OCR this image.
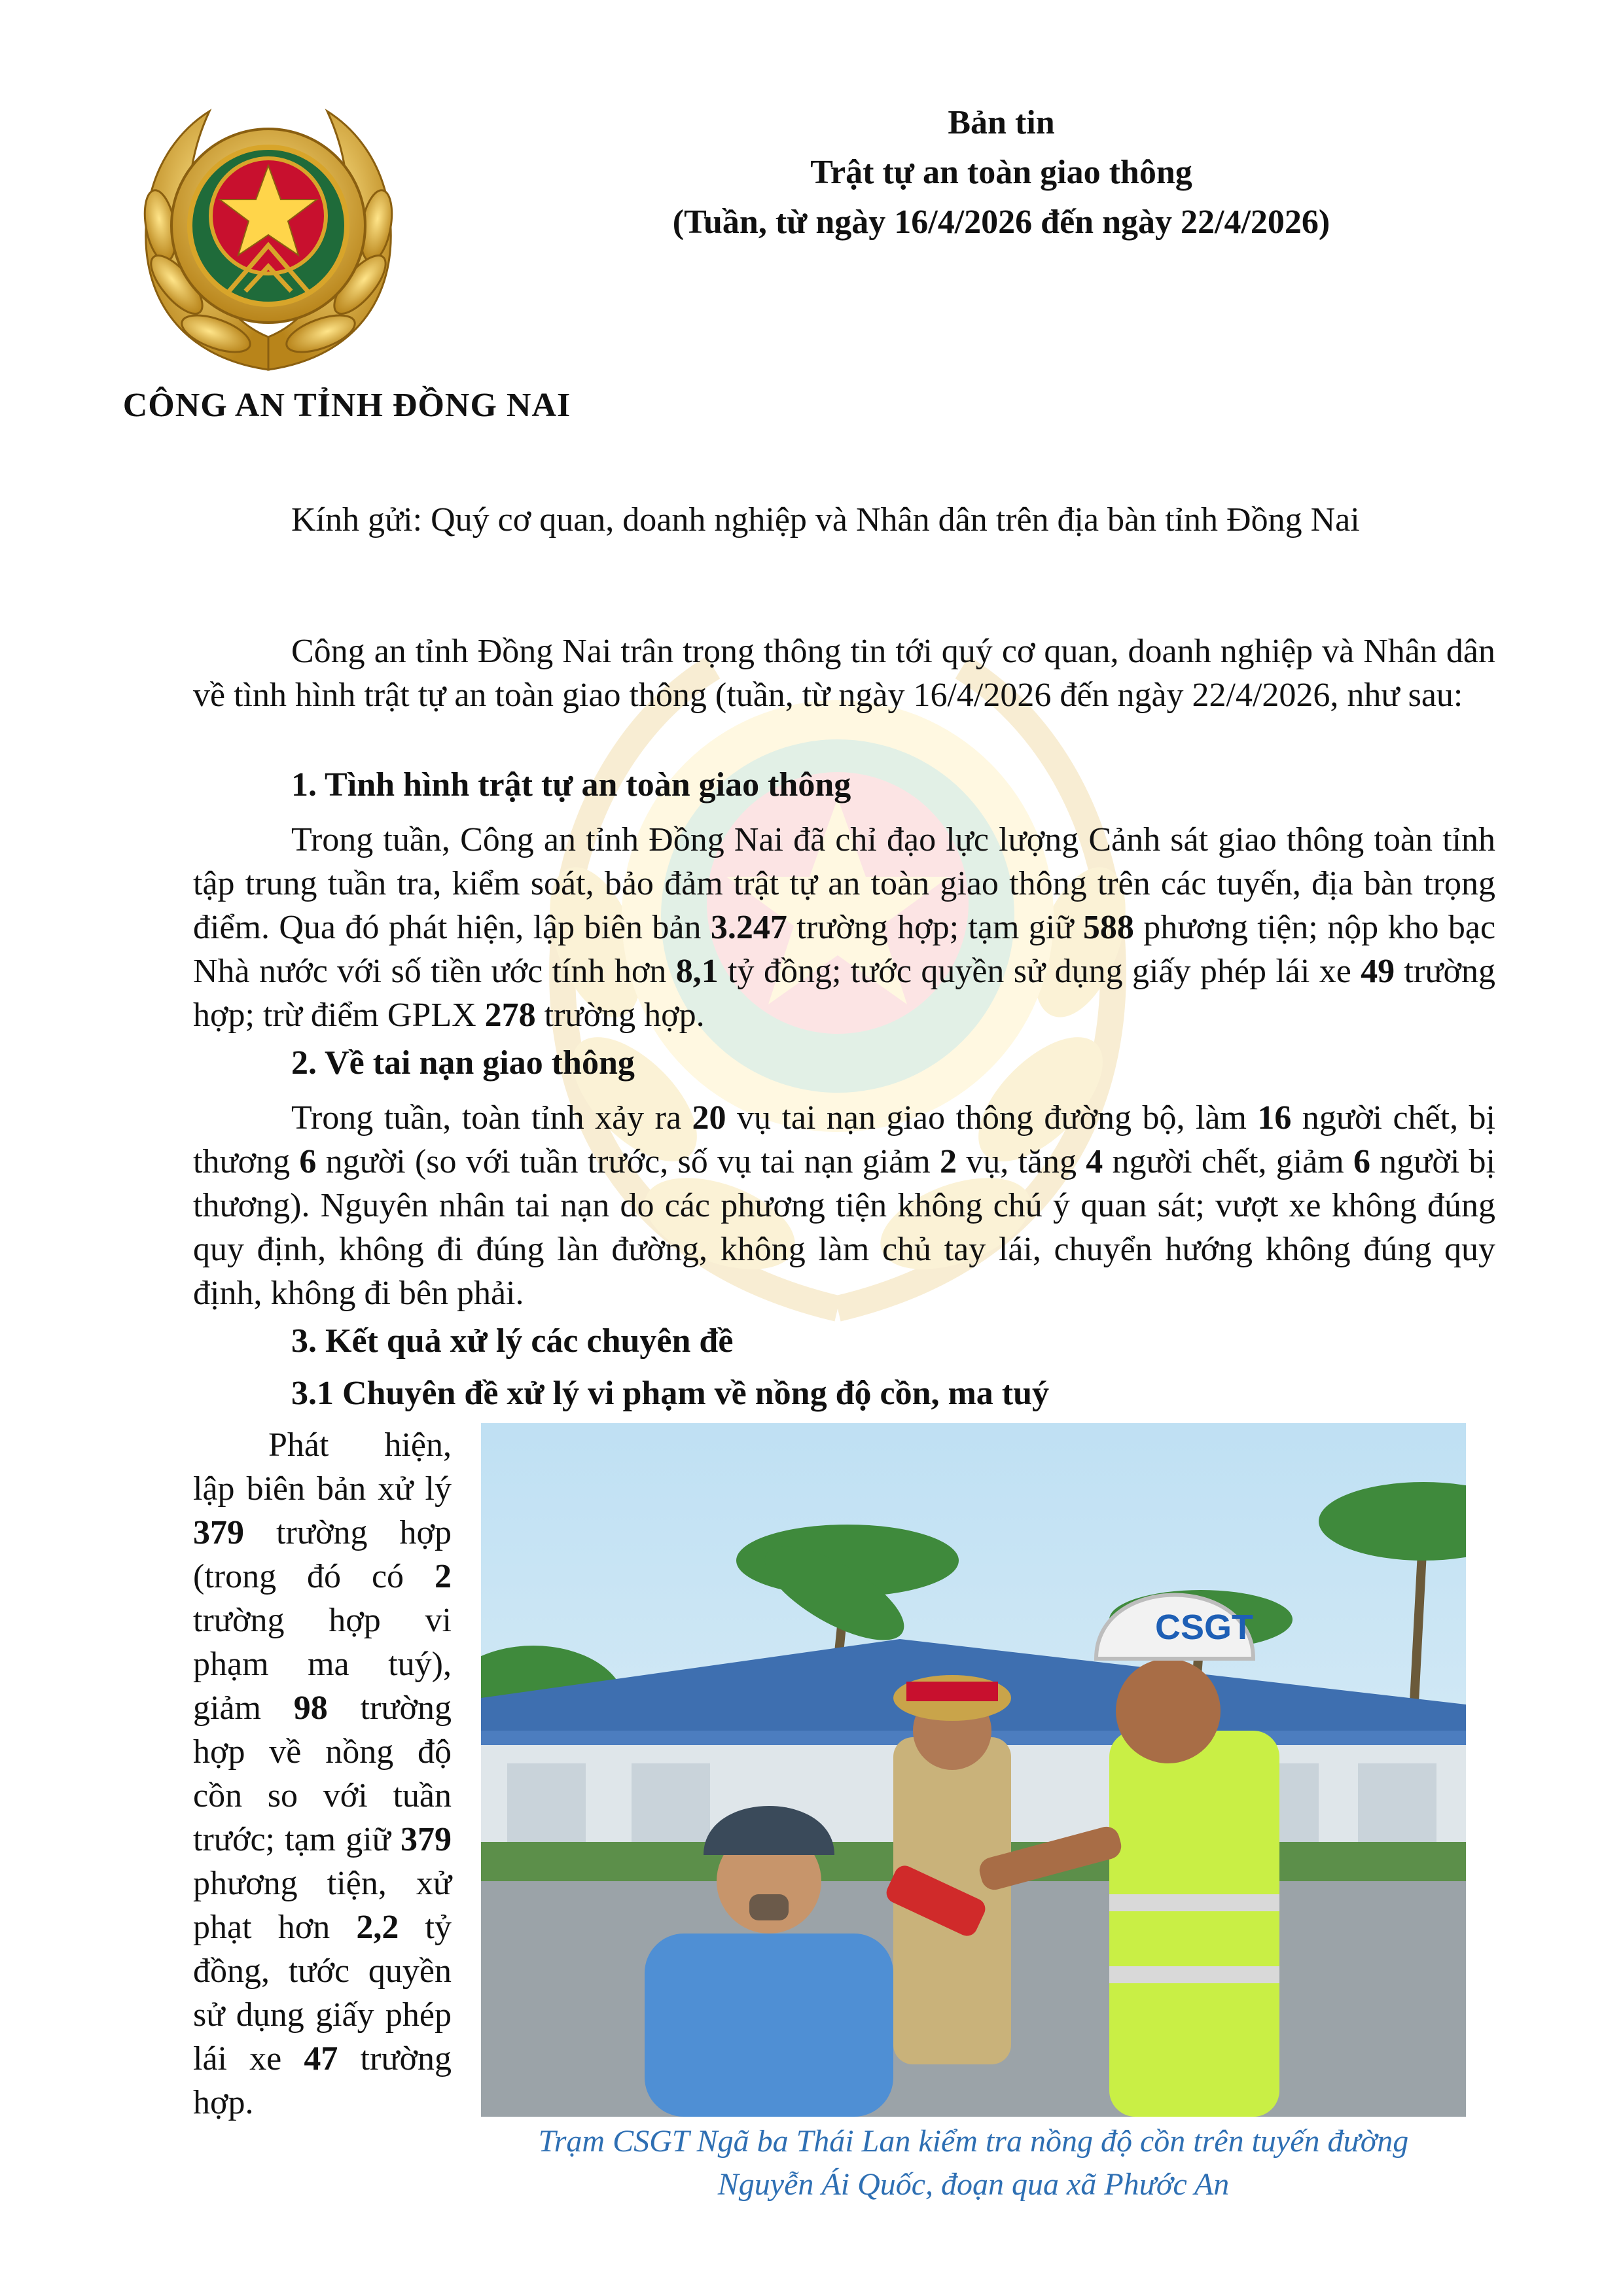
CÔNG AN TỈNH ĐỒNG NAI
Bản tin
Trật tự an toàn giao thông
(Tuần, từ ngày 16/4/2026 đến ngày 22/4/2026)
Kính gửi: Quý cơ quan, doanh nghiệp và Nhân dân trên địa bàn tỉnh Đồng Nai

Công an tỉnh Đồng Nai trân trọng thông tin tới quý cơ quan, doanh nghiệp và Nhân dân về tình hình trật tự an toàn giao thông (tuần, từ ngày 16/4/2026 đến ngày 22/4/2026, như sau:

1. Tình hình trật tự an toàn giao thông

Trong tuần, Công an tỉnh Đồng Nai đã chỉ đạo lực lượng Cảnh sát giao thông toàn tỉnh tập trung tuần tra, kiểm soát, bảo đảm trật tự an toàn giao thông trên các tuyến, địa bàn trọng điểm. Qua đó phát hiện, lập biên bản 3.247 trường hợp; tạm giữ 588 phương tiện; nộp kho bạc Nhà nước với số tiền ước tính hơn 8,1 tỷ đồng; tước quyền sử dụng giấy phép lái xe 49 trường hợp; trừ điểm GPLX 278 trường hợp.

2. Về tai nạn giao thông

Trong tuần, toàn tỉnh xảy ra 20 vụ tai nạn giao thông đường bộ, làm 16 người chết, bị thương 6 người (so với tuần trước, số vụ tai nạn giảm 2 vụ, tăng 4 người chết, giảm 6 người bị thương). Nguyên nhân tai nạn do các phương tiện không chú ý quan sát; vượt xe không đúng quy định, không đi đúng làn đường, không làm chủ tay lái, chuyển hướng không đúng quy định, không đi bên phải.

3. Kết quả xử lý các chuyên đề
3.1 Chuyên đề xử lý vi phạm về nồng độ cồn, ma tuý
Phát hiện, lập biên bản xử lý 379 trường hợp (trong đó có 2 trường hợp vi phạm ma tuý), giảm 98 trường hợp về nồng độ cồn so với tuần trước; tạm giữ 379 phương tiện, xử phạt hơn 2,2 tỷ đồng, tước quyền sử dụng giấy phép lái xe 47 trường hợp.
CSGT
Trạm CSGT Ngã ba Thái Lan kiểm tra nồng độ cồn trên tuyến đường
Nguyễn Ái Quốc, đoạn qua xã Phước An
